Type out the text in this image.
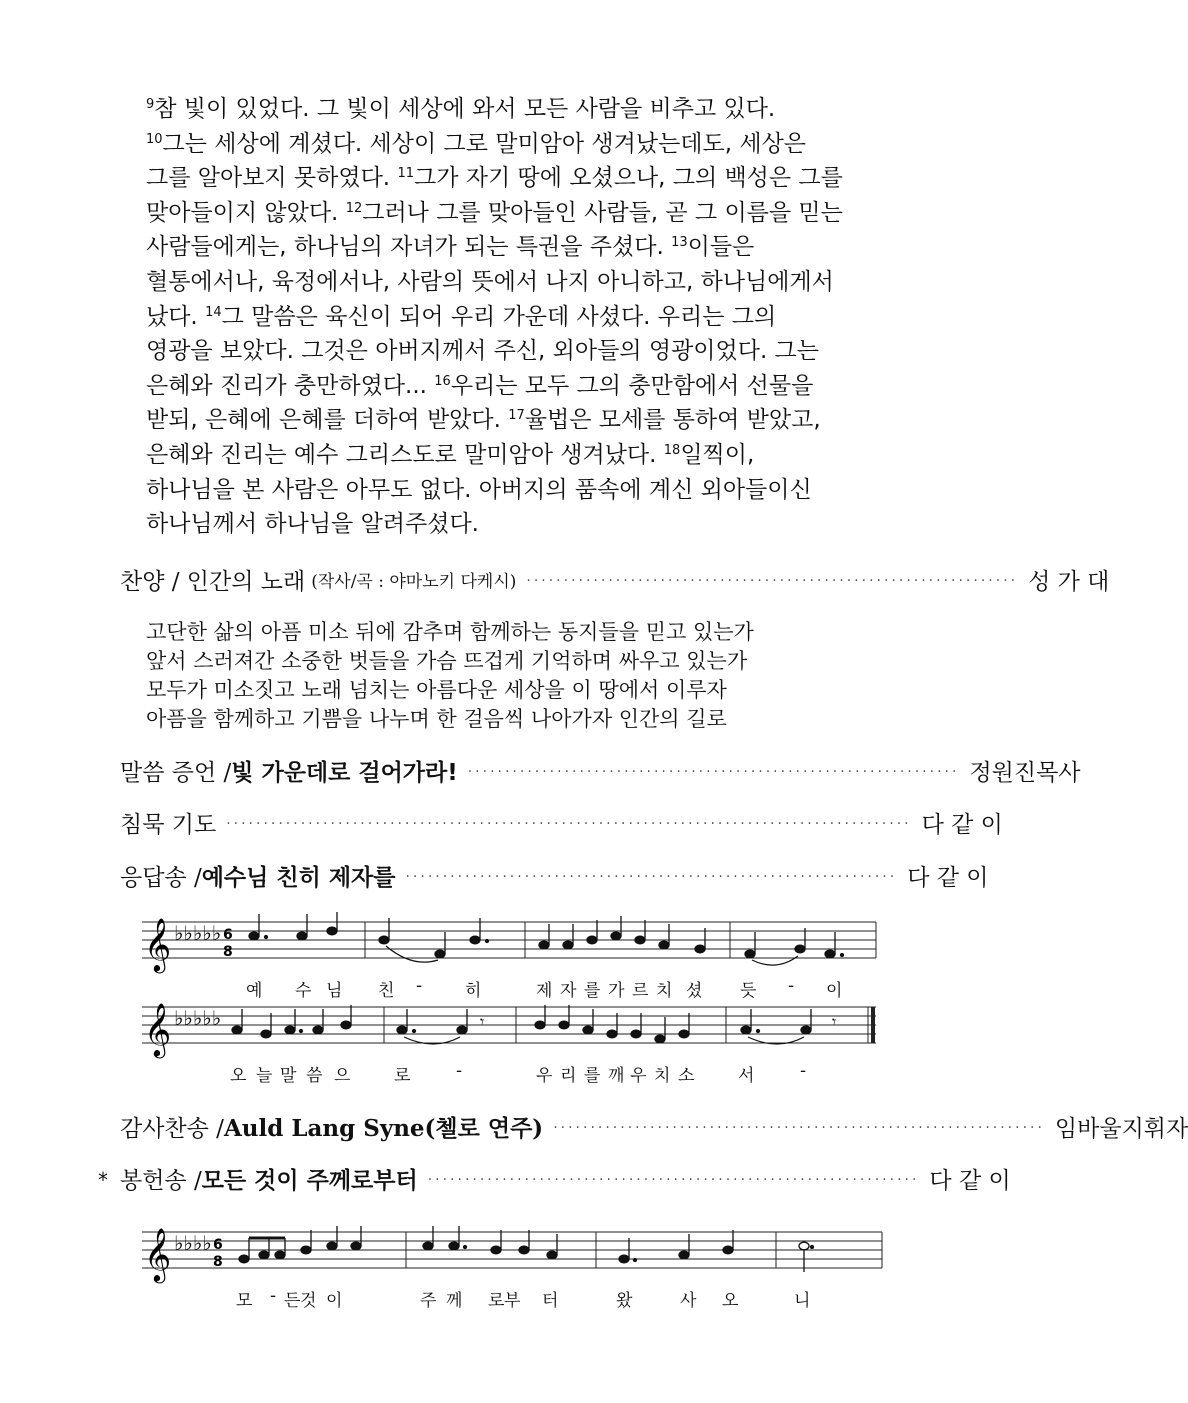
$^9$참 빛이 있었다. 그 빛이 세상에 와서 모든 사람을 비추고 있다.
$^{10}$그는 세상에 계셨다. 세상이 그로 말미암아 생겨났는데도, 세상은
그를 알아보지 못하였다. $^{11}$그가 자기 땅에 오셨으나, 그의 백성은 그를
맞아들이지 않았다. $^{12}$그러나 그를 맞아들인 사람들, 곧 그 이름을 믿는
사람들에게는, 하나님의 자녀가 되는 특권을 주셨다. $^{13}$이들은
혈통에서나, 육정에서나, 사람의 뜻에서 나지 아니하고, 하나님에게서
났다. $^{14}$그 말씀은 육신이 되어 우리 가운데 사셨다. 우리는 그의
영광을 보았다. 그것은 아버지께서 주신, 외아들의 영광이었다. 그는
은혜와 진리가 충만하였다... $^{16}$우리는 모두 그의 충만함에서 선물을
받되, 은혜에 은혜를 더하여 받았다. $^{17}$율법은 모세를 통하여 받았고,
은혜와 진리는 예수 그리스도로 말미암아 생겨났다. $^{18}$일찍이,
하나님을 본 사람은 아무도 없다. 아버지의 품속에 계신 외아들이신
하나님께서 하나님을 알려주셨다.
찬양 / 인간의 노래 (작사/곡 : 야마노키 다케시) ·································································· 성 가 대
고단한 삶의 아픔 미소 뒤에 감추며 함께하는 동지들을 믿고 있는가
앞서 스러져간 소중한 벗들을 가슴 뜨겁게 기억하며 싸우고 있는가
모두가 미소짓고 노래 넘치는 아름다운 세상을 이 땅에서 이루자
아픔을 함께하고 기쁨을 나누며 한 걸음씩 나아가자 인간의 길로
말씀 증언 / 빛 가운데로 걸어가라! ·································································· 정원진목사
침묵 기도 ···························································································· 다 같 이
응답송 / 예수님 친히 제자를 ·································································· 다 같 이
𝄞 ♭♭♭♭♭ 6
8
예 수 님 친 -	히	제 자 를 가 르 치 셨 듯 - 이
𝄞 ♭♭♭♭♭	𝄾	𝄾
오 늘 말 씀 으	로	-	우 리 를 깨 우 치 소	서	-
감사찬송 / Auld Lang Syne(첼로 연주) ·································································· 임바울지휘자
* 봉헌송 / 모든 것이 주께로부터 ·································································· 다 같 이
𝄞 ♭♭♭♭ 6
8
모 - 든 것 이	주 께 로 부 터	왔	사 오	니
